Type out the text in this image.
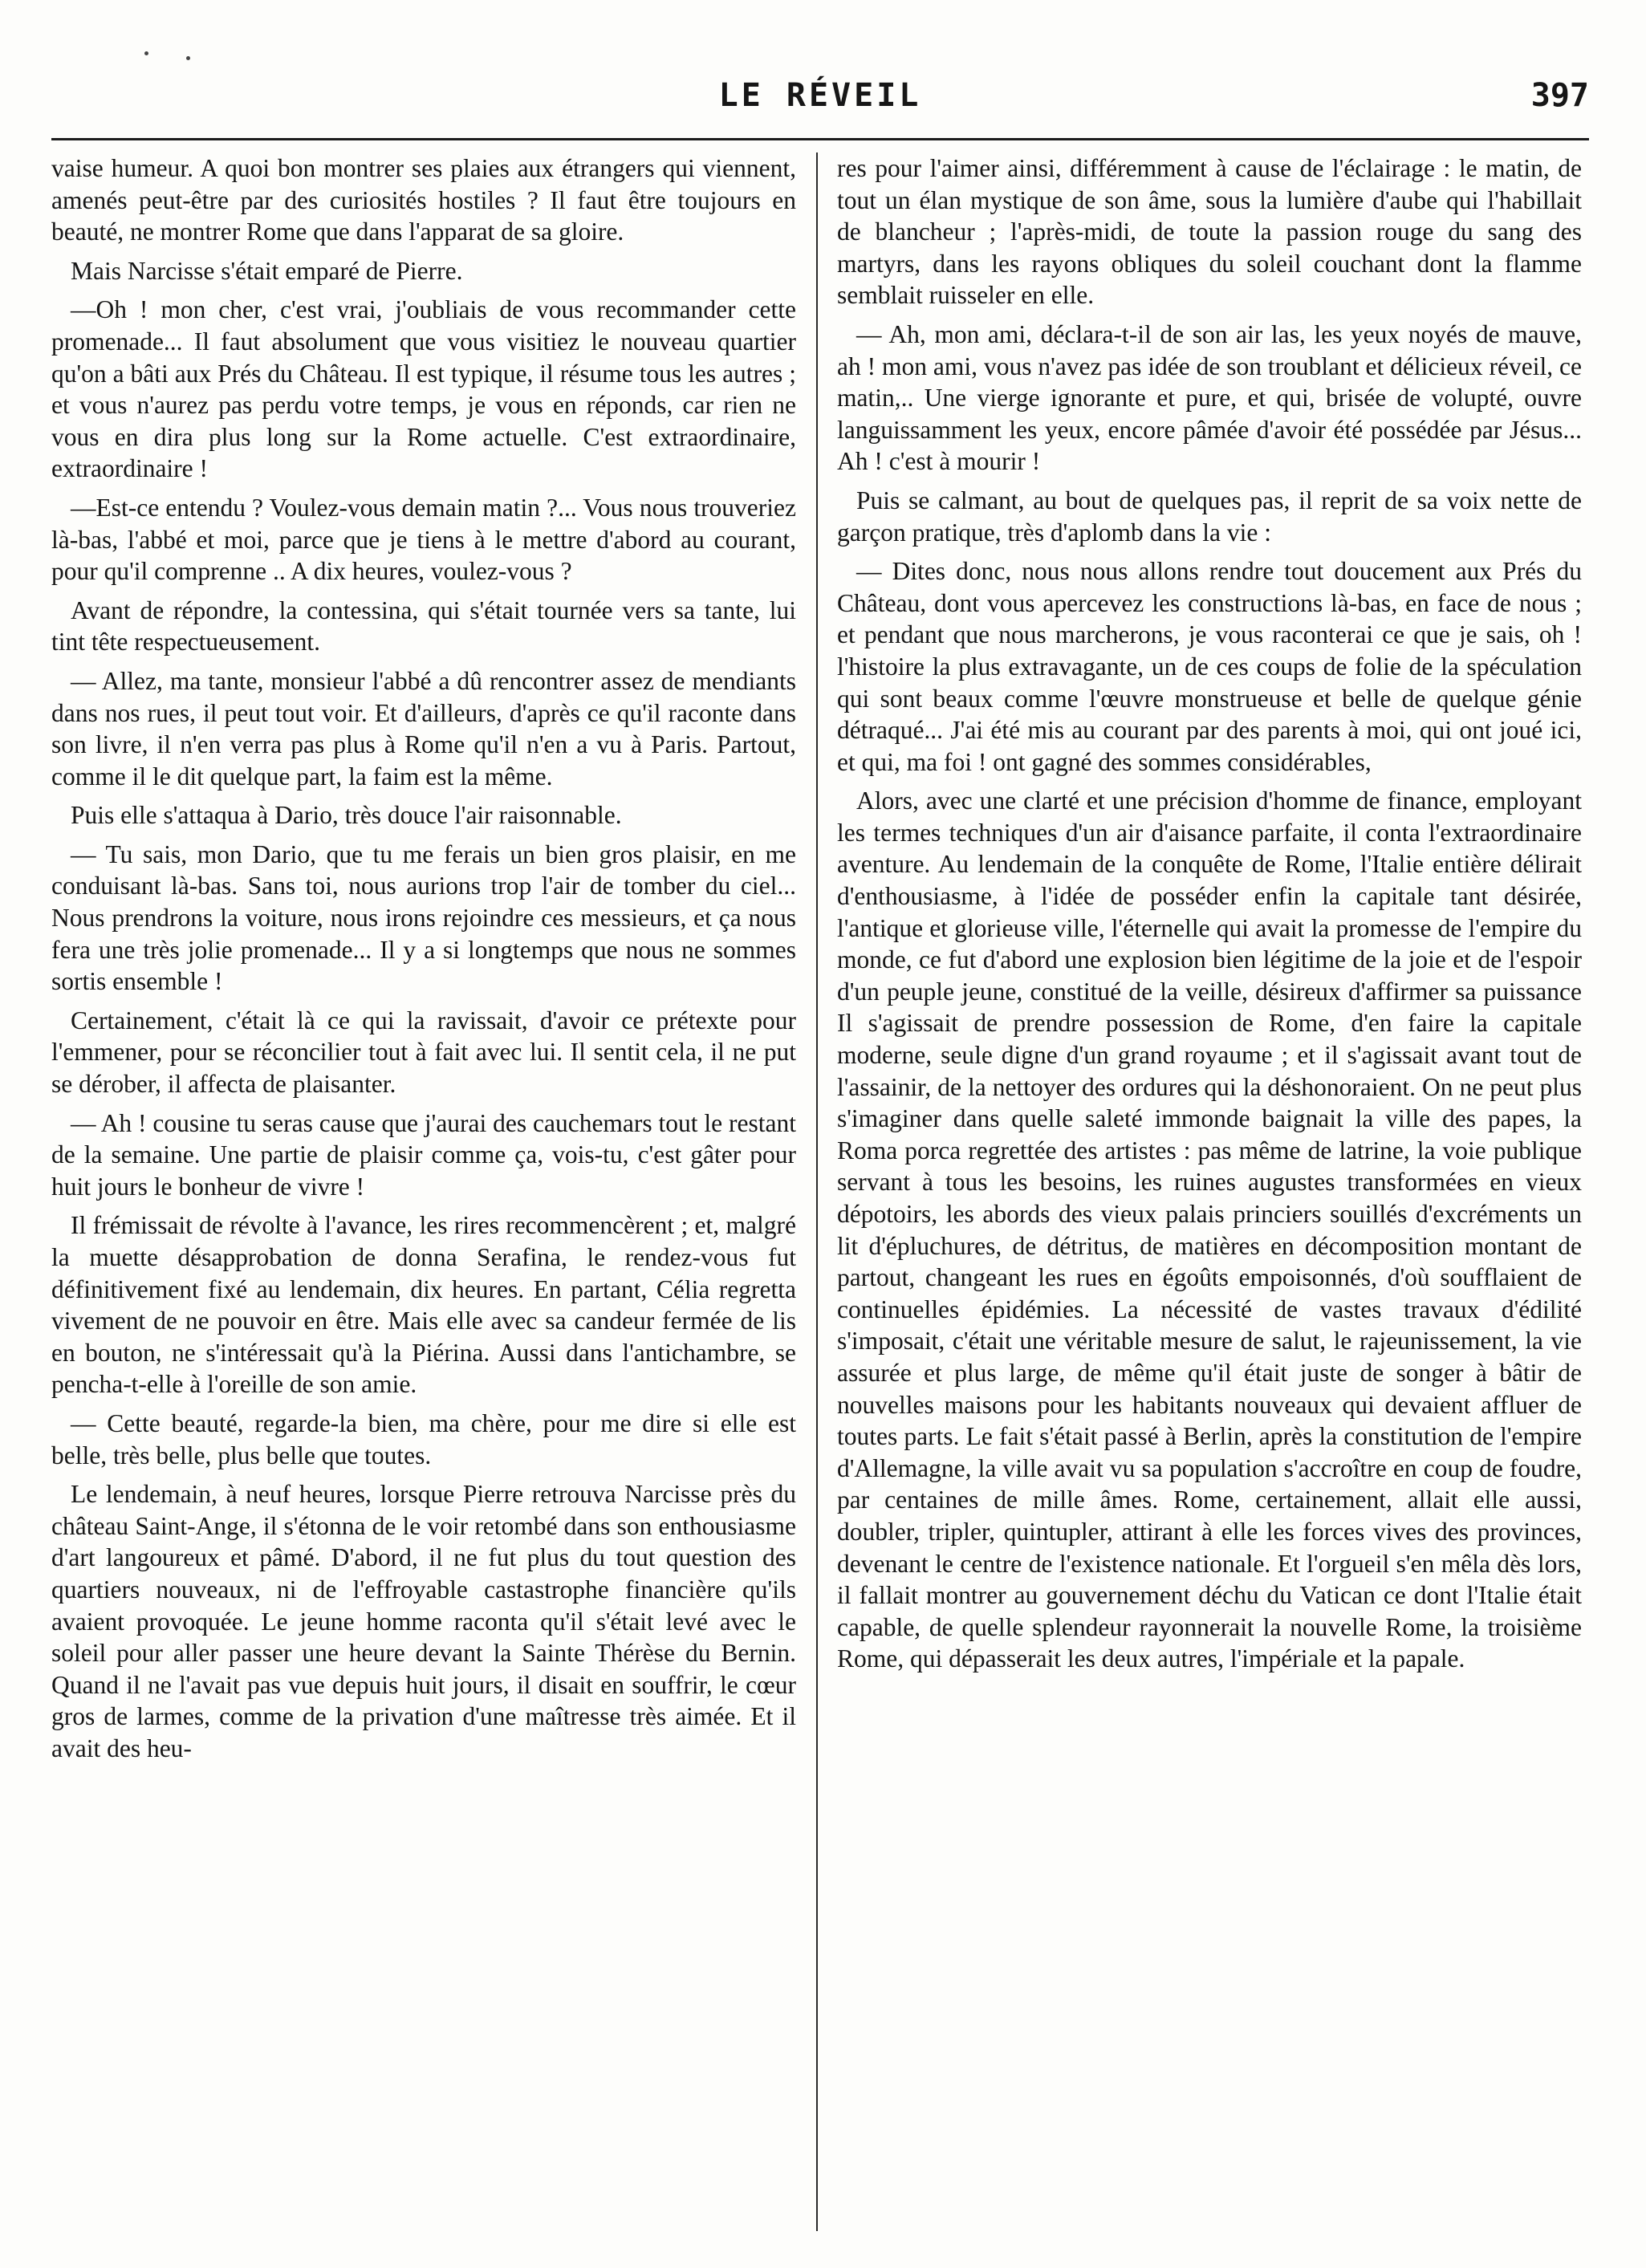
LE RÉVEIL	397

vaise humeur. A quoi bon montrer ses plaies aux étrangers qui viennent, amenés peut-être par des curiosités hostiles ? Il faut être toujours en beauté, ne montrer Rome que dans l'apparat de sa gloire.

Mais Narcisse s'était emparé de Pierre.

—Oh ! mon cher, c'est vrai, j'oubliais de vous recommander cette promenade... Il faut absolument que vous visitiez le nouveau quartier qu'on a bâti aux Prés du Château. Il est typique, il résume tous les autres ; et vous n'aurez pas perdu votre temps, je vous en réponds, car rien ne vous en dira plus long sur la Rome actuelle. C'est extraordinaire, extraordinaire !

—Est-ce entendu ? Voulez-vous demain matin ?... Vous nous trouveriez là-bas, l'abbé et moi, parce que je tiens à le mettre d'abord au courant, pour qu'il comprenne .. A dix heures, voulez-vous ?

Avant de répondre, la contessina, qui s'était tournée vers sa tante, lui tint tête respectueusement.

— Allez, ma tante, monsieur l'abbé a dû rencontrer assez de mendiants dans nos rues, il peut tout voir. Et d'ailleurs, d'après ce qu'il raconte dans son livre, il n'en verra pas plus à Rome qu'il n'en a vu à Paris. Partout, comme il le dit quelque part, la faim est la même.

Puis elle s'attaqua à Dario, très douce l'air raisonnable.

— Tu sais, mon Dario, que tu me ferais un bien gros plaisir, en me conduisant là-bas. Sans toi, nous aurions trop l'air de tomber du ciel... Nous prendrons la voiture, nous irons rejoindre ces messieurs, et ça nous fera une très jolie promenade... Il y a si longtemps que nous ne sommes sortis ensemble !

Certainement, c'était là ce qui la ravissait, d'avoir ce prétexte pour l'emmener, pour se réconcilier tout à fait avec lui. Il sentit cela, il ne put se dérober, il affecta de plaisanter.

— Ah ! cousine tu seras cause que j'aurai des cauchemars tout le restant de la semaine. Une partie de plaisir comme ça, vois-tu, c'est gâter pour huit jours le bonheur de vivre !

Il frémissait de révolte à l'avance, les rires recommencèrent ; et, malgré la muette désapprobation de donna Serafina, le rendez-vous fut définitivement fixé au lendemain, dix heures. En partant, Célia regretta vivement de ne pouvoir en être. Mais elle avec sa candeur fermée de lis en bouton, ne s'intéressait qu'à la Piérina. Aussi dans l'antichambre, se pencha-t-elle à l'oreille de son amie.

— Cette beauté, regarde-la bien, ma chère, pour me dire si elle est belle, très belle, plus belle que toutes.

Le lendemain, à neuf heures, lorsque Pierre retrouva Narcisse près du château Saint-Ange, il s'étonna de le voir retombé dans son enthousiasme d'art langoureux et pâmé. D'abord, il ne fut plus du tout question des quartiers nouveaux, ni de l'effroyable castastrophe financière qu'ils avaient provoquée. Le jeune homme raconta qu'il s'était levé avec le soleil pour aller passer une heure devant la Sainte Thérèse du Bernin. Quand il ne l'avait pas vue depuis huit jours, il disait en souffrir, le cœur gros de larmes, comme de la privation d'une maîtresse très aimée. Et il avait des heu-

res pour l'aimer ainsi, différemment à cause de l'éclairage : le matin, de tout un élan mystique de son âme, sous la lumière d'aube qui l'habillait de blancheur ; l'après-midi, de toute la passion rouge du sang des martyrs, dans les rayons obliques du soleil couchant dont la flamme semblait ruisseler en elle.

— Ah, mon ami, déclara-t-il de son air las, les yeux noyés de mauve, ah ! mon ami, vous n'avez pas idée de son troublant et délicieux réveil, ce matin,.. Une vierge ignorante et pure, et qui, brisée de volupté, ouvre languissamment les yeux, encore pâmée d'avoir été possédée par Jésus... Ah ! c'est à mourir !

Puis se calmant, au bout de quelques pas, il reprit de sa voix nette de garçon pratique, très d'aplomb dans la vie :

— Dites donc, nous nous allons rendre tout doucement aux Prés du Château, dont vous apercevez les constructions là-bas, en face de nous ; et pendant que nous marcherons, je vous raconterai ce que je sais, oh ! l'histoire la plus extravagante, un de ces coups de folie de la spéculation qui sont beaux comme l'œuvre monstrueuse et belle de quelque génie détraqué... J'ai été mis au courant par des parents à moi, qui ont joué ici, et qui, ma foi ! ont gagné des sommes considérables,

Alors, avec une clarté et une précision d'homme de finance, employant les termes techniques d'un air d'aisance parfaite, il conta l'extraordinaire aventure. Au lendemain de la conquête de Rome, l'Italie entière délirait d'enthousiasme, à l'idée de posséder enfin la capitale tant désirée, l'antique et glorieuse ville, l'éternelle qui avait la promesse de l'empire du monde, ce fut d'abord une explosion bien légitime de la joie et de l'espoir d'un peuple jeune, constitué de la veille, désireux d'affirmer sa puissance Il s'agissait de prendre possession de Rome, d'en faire la capitale moderne, seule digne d'un grand royaume ; et il s'agissait avant tout de l'assainir, de la nettoyer des ordures qui la déshonoraient. On ne peut plus s'imaginer dans quelle saleté immonde baignait la ville des papes, la Roma porca regrettée des artistes : pas même de latrine, la voie publique servant à tous les besoins, les ruines augustes transformées en vieux dépotoirs, les abords des vieux palais princiers souillés d'excréments un lit d'épluchures, de détritus, de matières en décomposition montant de partout, changeant les rues en égoûts empoisonnés, d'où soufflaient de continuelles épidémies. La nécessité de vastes travaux d'édilité s'imposait, c'était une véritable mesure de salut, le rajeunissement, la vie assurée et plus large, de même qu'il était juste de songer à bâtir de nouvelles maisons pour les habitants nouveaux qui devaient affluer de toutes parts. Le fait s'était passé à Berlin, après la constitution de l'empire d'Allemagne, la ville avait vu sa population s'accroître en coup de foudre, par centaines de mille âmes. Rome, certainement, allait elle aussi, doubler, tripler, quintupler, attirant à elle les forces vives des provinces, devenant le centre de l'existence nationale. Et l'orgueil s'en mêla dès lors, il fallait montrer au gouvernement déchu du Vatican ce dont l'Italie était capable, de quelle splendeur rayonnerait la nouvelle Rome, la troisième Rome, qui dépasserait les deux autres, l'impériale et la papale.
